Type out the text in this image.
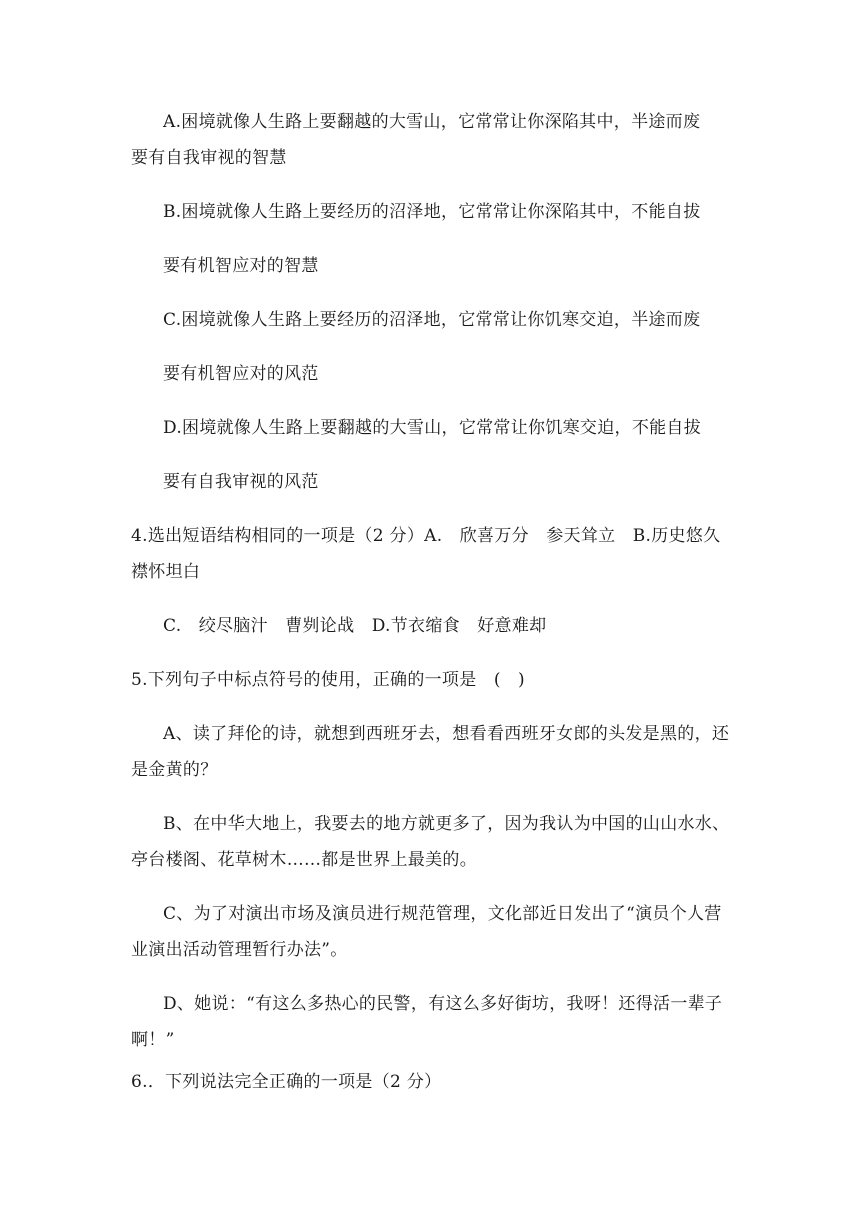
A.困境就像人生路上要翻越的大雪山，它常常让你深陷其中，半途而废
要有自我审视的智慧
B.困境就像人生路上要经历的沼泽地，它常常让你深陷其中，不能自拔
要有机智应对的智慧
C.困境就像人生路上要经历的沼泽地，它常常让你饥寒交迫，半途而废
要有机智应对的风范
D.困境就像人生路上要翻越的大雪山，它常常让你饥寒交迫，不能自拔
要有自我审视的风范
4.选出短语结构相同的一项是（2 分）A.　欣喜万分　参天耸立　B.历史悠久
襟怀坦白
C.　绞尽脑汁　曹刿论战　D.节衣缩食　好意难却
5.下列句子中标点符号的使用，正确的一项是　(　)
A、读了拜伦的诗，就想到西班牙去，想看看西班牙女郎的头发是黑的，还
是金黄的？
B、在中华大地上，我要去的地方就更多了，因为我认为中国的山山水水、
亭台楼阁、花草树木……都是世界上最美的。
C、为了对演出市场及演员进行规范管理，文化部近日发出了“演员个人营
业演出活动管理暂行办法”。
D、她说：“有这么多热心的民警，有这么多好街坊，我呀！还得活一辈子
啊！”
6.．下列说法完全正确的一项是（2 分）
